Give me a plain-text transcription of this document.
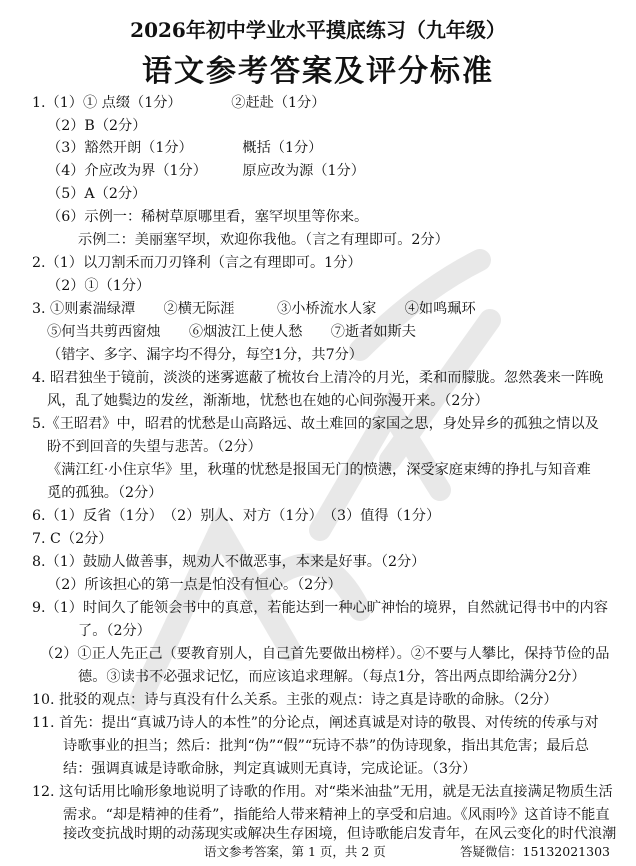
2026年初中学业水平摸底练习（九年级）
语文参考答案及评分标准
1.（1）① 点缀（1分）　　　　②赶赴（1分）
（2）B（2分）
（3）豁然开朗（1分）　　　　概括（1分）
（4）介应改为界（1分）　　　原应改为源（1分）
（5）A（2分）
（6）示例一：稀树草原哪里看，塞罕坝里等你来。
示例二：美丽塞罕坝，欢迎你我他。（言之有理即可。2分）
2.（1）以刀割禾而刀刃锋利（言之有理即可。1分）
（2）①（1分）
3. ①则素湍绿潭　　②横无际涯　　　③小桥流水人家　　④如鸣珮环
⑤何当共剪西窗烛　　⑥烟波江上使人愁　　⑦逝者如斯夫
（错字、多字、漏字均不得分，每空1分，共7分）
4. 昭君独坐于镜前，淡淡的迷雾遮蔽了梳妆台上清冷的月光，柔和而朦胧。忽然袭来一阵晚
风，乱了她鬓边的发丝，渐渐地，忧愁也在她的心间弥漫开来。（2分）
5.《王昭君》中，昭君的忧愁是山高路远、故土难回的家国之思，身处异乡的孤独之情以及
盼不到回音的失望与悲苦。（2分）
《满江红·小住京华》里，秋瑾的忧愁是报国无门的愤懑，深受家庭束缚的挣扎与知音难
觅的孤独。（2分）
6.（1）反省（1分）　（2）别人、对方（1分）　（3）值得（1分）
7. C（2分）
8.（1）鼓励人做善事，规劝人不做恶事，本来是好事。（2分）
（2）所该担心的第一点是怕没有恒心。（2分）
9.（1）时间久了能领会书中的真意，若能达到一种心旷神怡的境界，自然就记得书中的内容
了。（2分）
（2）①正人先正己（要教育别人，自己首先要做出榜样）。②不要与人攀比，保持节俭的品
德。③读书不必强求记忆，而应该追求理解。（每点1分，答出两点即给满分2分）
10. 批驳的观点：诗与真没有什么关系。主张的观点：诗之真是诗歌的命脉。（2分）
11. 首先：提出“真诚乃诗人的本性”的分论点，阐述真诚是对诗的敬畏、对传统的传承与对
诗歌事业的担当；然后：批判“伪”“假”“玩诗不恭”的伪诗现象，指出其危害；最后总
结：强调真诚是诗歌命脉，判定真诚则无真诗，完成论证。（3分）
12. 这句话用比喻形象地说明了诗歌的作用。对“柴米油盐”无用，就是无法直接满足物质生活
需求。“却是精神的佳肴”，指能给人带来精神上的享受和启迪。《风雨吟》这首诗不能直
接改变抗战时期的动荡现实或解决生存困境，但诗歌能启发青年，在风云变化的时代浪潮
语文参考答案，第 1 页，共 2 页	答疑微信：15132021303
